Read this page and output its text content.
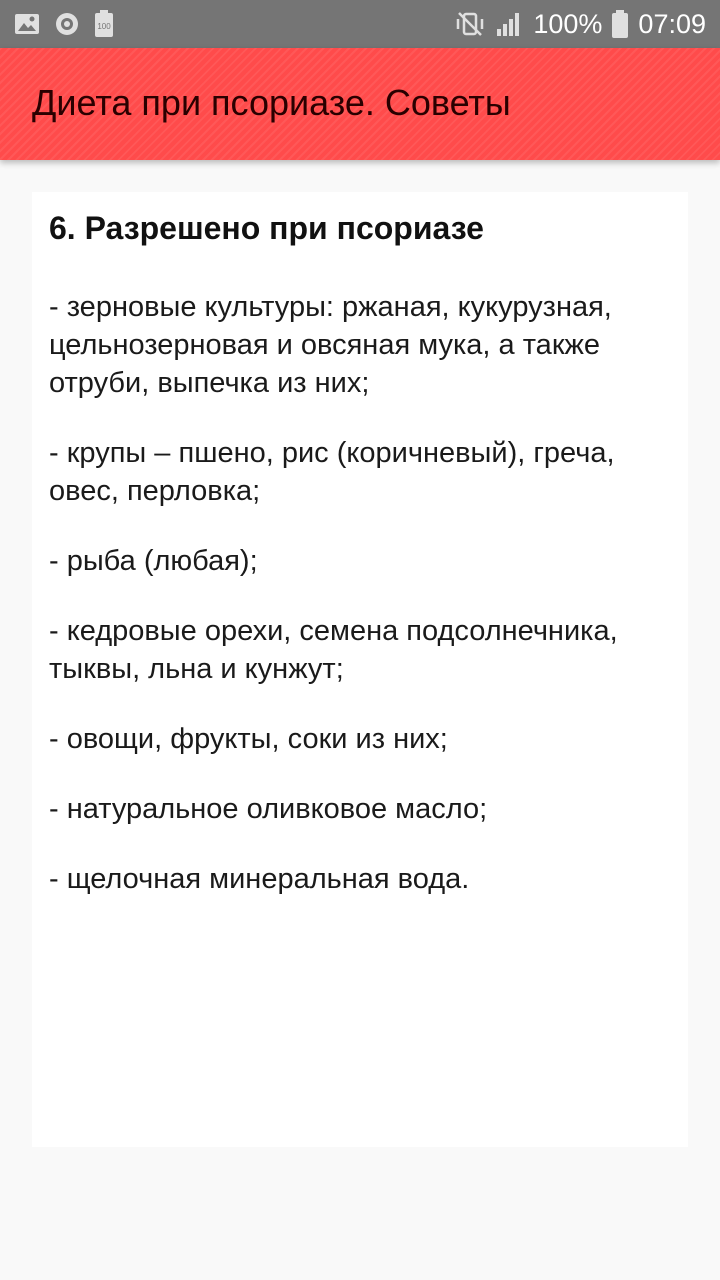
100	100% 07:09
Диета при псориазе. Советы
6. Разрешено при псориазе
- зерновые культуры: ржаная, кукурузная, цельнозерновая и овсяная мука, а также отруби, выпечка из них;
- крупы – пшено, рис (коричневый), греча, овес, перловка;
- рыба (любая);
- кедровые орехи, семена подсолнечника, тыквы, льна и кунжут;
- овощи, фрукты, соки из них;
- натуральное оливковое масло;
- щелочная минеральная вода.
